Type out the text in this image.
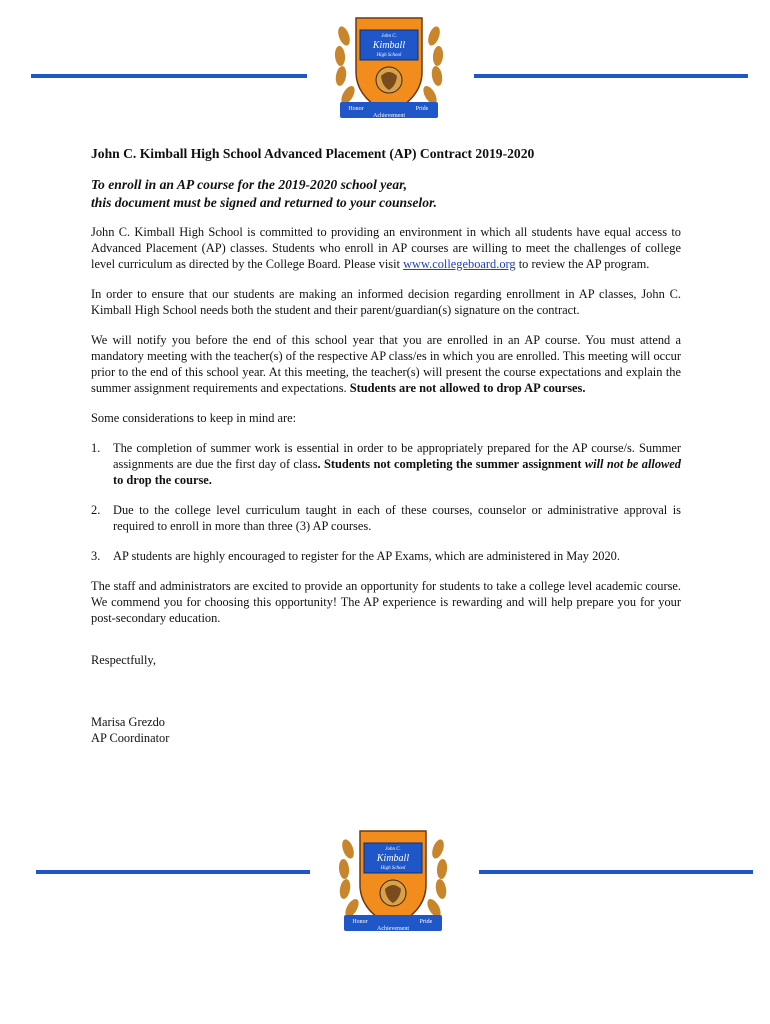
John C.
Kimball
High School
Honor	Pride
Achievement
John C. Kimball High School Advanced Placement (AP) Contract 2019-2020
To enroll in an AP course for the 2019-2020 school year,
this document must be signed and returned to your counselor.

John C. Kimball High School is committed to providing an environment in which all students have equal access to Advanced Placement (AP) classes. Students who enroll in AP courses are willing to meet the challenges of college level curriculum as directed by the College Board. Please visit www.collegeboard.org to review the AP program.

In order to ensure that our students are making an informed decision regarding enrollment in AP classes, John C. Kimball High School needs both the student and their parent/guardian(s) signature on the contract.

We will notify you before the end of this school year that you are enrolled in an AP course. You must attend a mandatory meeting with the teacher(s) of the respective AP class/es in which you are enrolled. This meeting will occur prior to the end of this school year. At this meeting, the teacher(s) will present the course expectations and explain the summer assignment requirements and expectations. Students are not allowed to drop AP courses.

Some considerations to keep in mind are:

1.	The completion of summer work is essential in order to be appropriately prepared for the AP course/s. Summer assignments are due the first day of class. Students not completing the summer assignment will not be allowed to drop the course.
2.	Due to the college level curriculum taught in each of these courses, counselor or administrative approval is required to enroll in more than three (3) AP courses.
3.	AP students are highly encouraged to register for the AP Exams, which are administered in May 2020.

The staff and administrators are excited to provide an opportunity for students to take a college level academic course. We commend you for choosing this opportunity! The AP experience is rewarding and will help prepare you for your post-secondary education.

Respectfully,
Marisa Grezdo
AP Coordinator
John C.
Kimball
High School
Honor	Pride
Achievement
